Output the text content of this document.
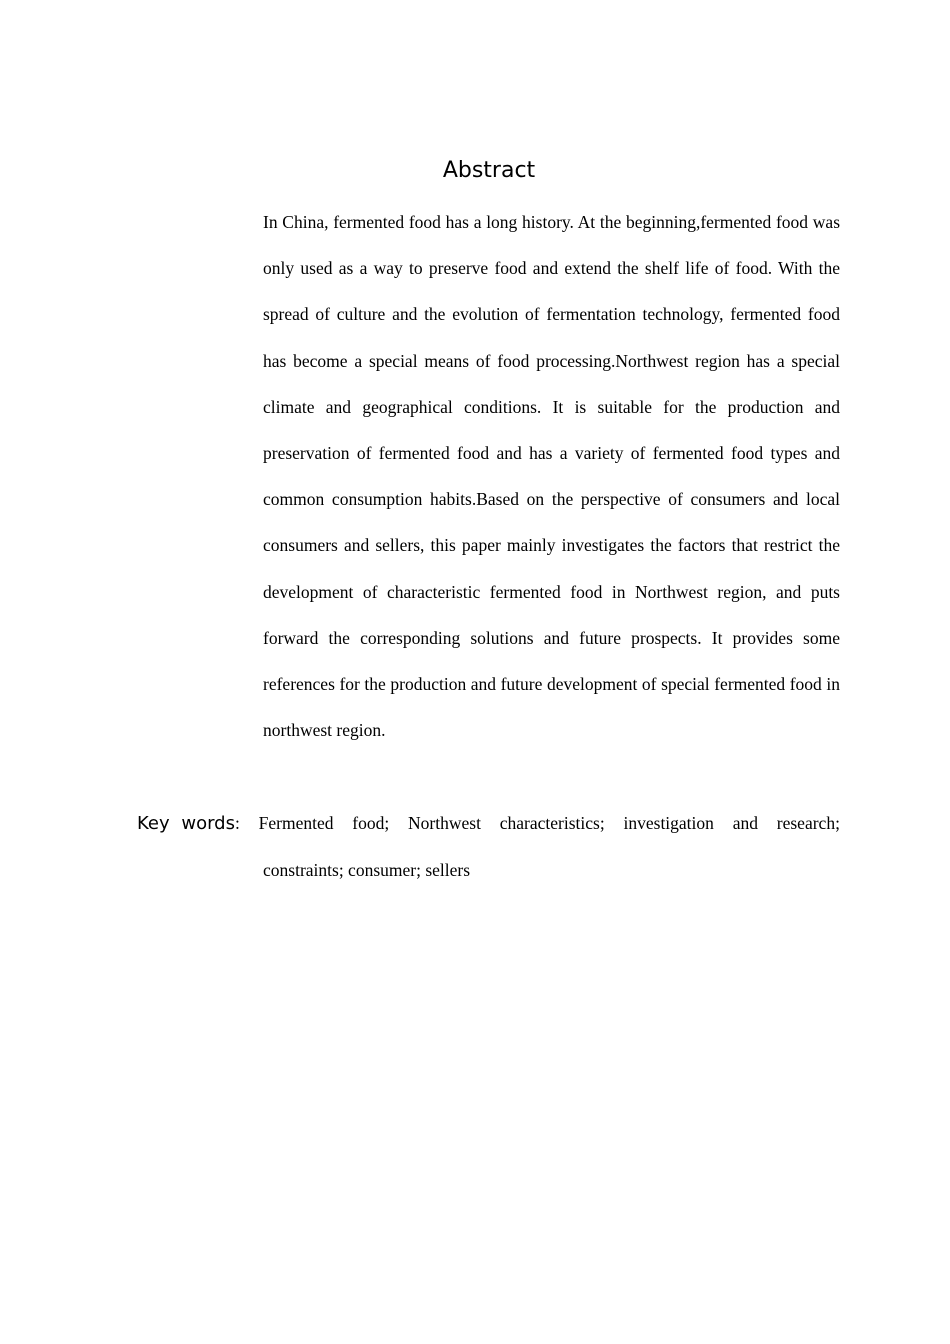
Abstract

In China, fermented food has a long history. At the beginning,fermented food was only used as a way to preserve food and extend the shelf life of food. With the spread of culture and the evolution of fermentation technology, fermented food has become a special means of food processing.Northwest region has a special climate and geographical conditions. It is suitable for the production and preservation of fermented food and has a variety of fermented food types and common consumption habits.Based on the perspective of consumers and local consumers and sellers, this paper mainly investigates the factors that restrict the development of characteristic fermented food in Northwest region, and puts forward the corresponding solutions and future prospects. It provides some references for the production and future development of special fermented food in northwest region.

Key words: Fermented food; Northwest characteristics; investigation and research;
constraints; consumer; sellers
